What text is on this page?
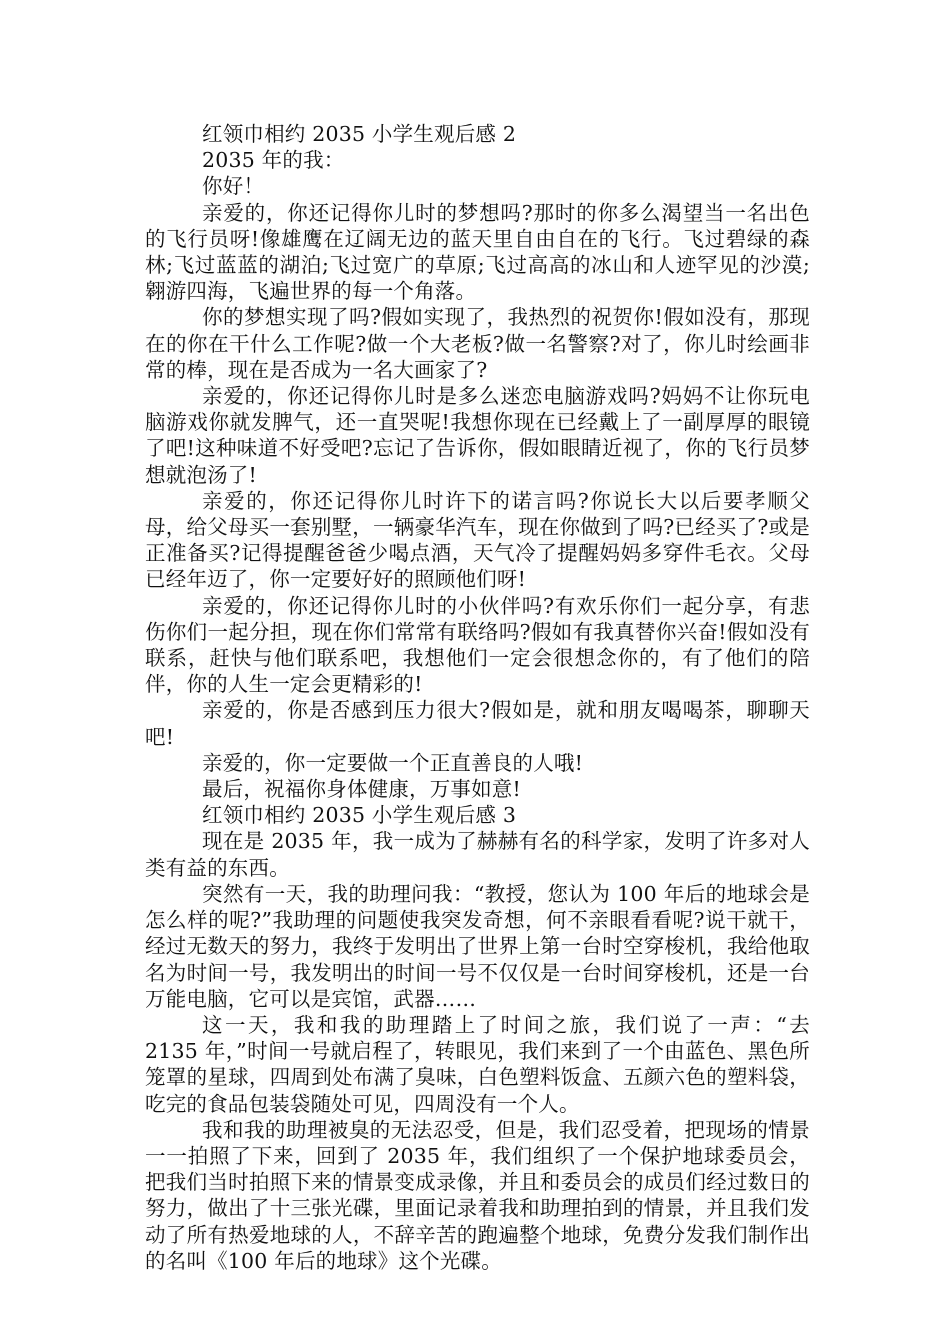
红领巾相约 2035 小学生观后感 2
2035 年的我：
你好！
亲爱的，你还记得你儿时的梦想吗?那时的你多么渴望当一名出色的飞行员呀!像雄鹰在辽阔无边的蓝天里自由自在的飞行。飞过碧绿的森林;飞过蓝蓝的湖泊;飞过宽广的草原;飞过高高的冰山和人迹罕见的沙漠;翱游四海，飞遍世界的每一个角落。
你的梦想实现了吗?假如实现了，我热烈的祝贺你!假如没有，那现在的你在干什么工作呢?做一个大老板?做一名警察?对了，你儿时绘画非常的棒，现在是否成为一名大画家了?
亲爱的，你还记得你儿时是多么迷恋电脑游戏吗?妈妈不让你玩电脑游戏你就发脾气，还一直哭呢!我想你现在已经戴上了一副厚厚的眼镜了吧!这种味道不好受吧?忘记了告诉你，假如眼睛近视了，你的飞行员梦想就泡汤了!
亲爱的，你还记得你儿时许下的诺言吗?你说长大以后要孝顺父母，给父母买一套别墅，一辆豪华汽车，现在你做到了吗?已经买了?或是正准备买?记得提醒爸爸少喝点酒，天气冷了提醒妈妈多穿件毛衣。父母已经年迈了，你一定要好好的照顾他们呀!
亲爱的，你还记得你儿时的小伙伴吗?有欢乐你们一起分享，有悲伤你们一起分担，现在你们常常有联络吗?假如有我真替你兴奋!假如没有联系，赶快与他们联系吧，我想他们一定会很想念你的，有了他们的陪伴，你的人生一定会更精彩的!
亲爱的，你是否感到压力很大?假如是，就和朋友喝喝茶，聊聊天吧!
亲爱的，你一定要做一个正直善良的人哦!
最后，祝福你身体健康，万事如意!
红领巾相约 2035 小学生观后感 3
现在是 2035 年，我一成为了赫赫有名的科学家，发明了许多对人类有益的东西。
突然有一天，我的助理问我：“教授，您认为 100 年后的地球会是怎么样的呢?”我助理的问题使我突发奇想，何不亲眼看看呢?说干就干，经过无数天的努力，我终于发明出了世界上第一台时空穿梭机，我给他取名为时间一号，我发明出的时间一号不仅仅是一台时间穿梭机，还是一台万能电脑，它可以是宾馆，武器……
这一天，我和我的助理踏上了时间之旅，我们说了一声：“去 2135 年，”时间一号就启程了，转眼见，我们来到了一个由蓝色、黑色所笼罩的星球，四周到处布满了臭味，白色塑料饭盒、五颜六色的塑料袋，吃完的食品包装袋随处可见，四周没有一个人。
我和我的助理被臭的无法忍受，但是，我们忍受着，把现场的情景一一拍照了下来，回到了 2035 年，我们组织了一个保护地球委员会，把我们当时拍照下来的情景变成录像，并且和委员会的成员们经过数日的努力，做出了十三张光碟，里面记录着我和助理拍到的情景，并且我们发动了所有热爱地球的人，不辞辛苦的跑遍整个地球，免费分发我们制作出的名叫《100 年后的地球》这个光碟。
